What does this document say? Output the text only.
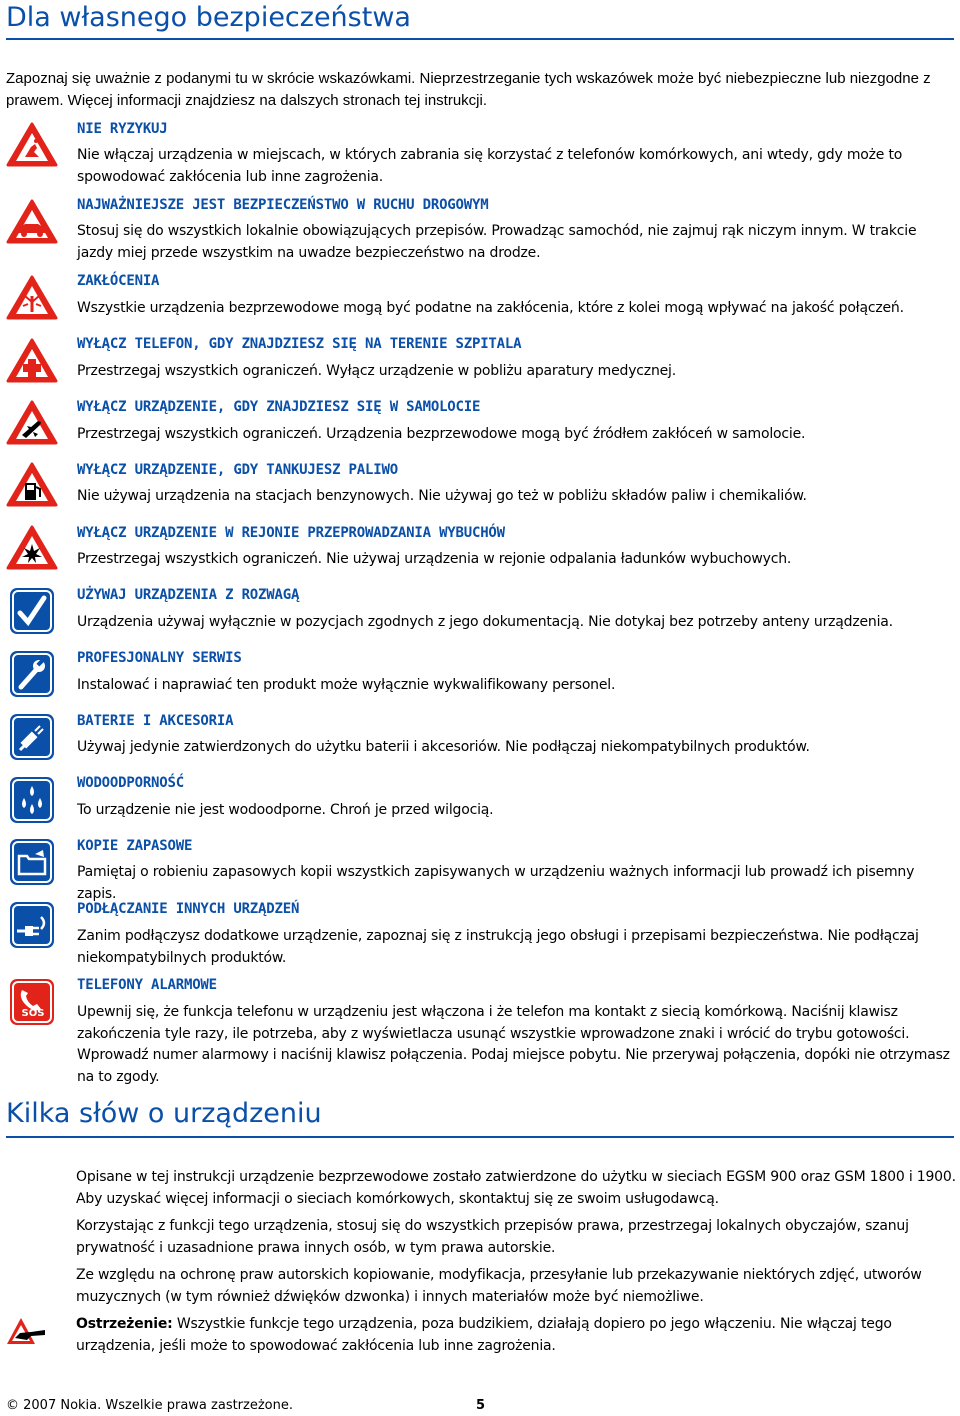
Dla własnego bezpieczeństwa

Zapoznaj się uważnie z podanymi tu w skrócie wskazówkami. Nieprzestrzeganie tych wskazówek może być niebezpieczne lub niezgodne z prawem. Więcej informacji znajdziesz na dalszych stronach tej instrukcji.

NIE RYZYKUJ

Nie włączaj urządzenia w miejscach, w których zabrania się korzystać z telefonów komórkowych, ani wtedy, gdy może to spowodować zakłócenia lub inne zagrożenia.

NAJWAŻNIEJSZE JEST BEZPIECZEŃSTWO W RUCHU DROGOWYM

Stosuj się do wszystkich lokalnie obowiązujących przepisów. Prowadząc samochód, nie zajmuj rąk niczym innym. W trakcie jazdy miej przede wszystkim na uwadze bezpieczeństwo na drodze.

ZAKŁÓCENIA

Wszystkie urządzenia bezprzewodowe mogą być podatne na zakłócenia, które z kolei mogą wpływać na jakość połączeń.

WYŁĄCZ TELEFON, GDY ZNAJDZIESZ SIĘ NA TERENIE SZPITALA

Przestrzegaj wszystkich ograniczeń. Wyłącz urządzenie w pobliżu aparatury medycznej.

WYŁĄCZ URZĄDZENIE, GDY ZNAJDZIESZ SIĘ W SAMOLOCIE

Przestrzegaj wszystkich ograniczeń. Urządzenia bezprzewodowe mogą być źródłem zakłóceń w samolocie.

WYŁĄCZ URZĄDZENIE, GDY TANKUJESZ PALIWO

Nie używaj urządzenia na stacjach benzynowych. Nie używaj go też w pobliżu składów paliw i chemikaliów.

WYŁĄCZ URZĄDZENIE W REJONIE PRZEPROWADZANIA WYBUCHÓW

Przestrzegaj wszystkich ograniczeń. Nie używaj urządzenia w rejonie odpalania ładunków wybuchowych.

UŻYWAJ URZĄDZENIA Z ROZWAGĄ

Urządzenia używaj wyłącznie w pozycjach zgodnych z jego dokumentacją. Nie dotykaj bez potrzeby anteny urządzenia.

PROFESJONALNY SERWIS

Instalować i naprawiać ten produkt może wyłącznie wykwalifikowany personel.

BATERIE I AKCESORIA

Używaj jedynie zatwierdzonych do użytku baterii i akcesoriów. Nie podłączaj niekompatybilnych produktów.

WODOODPORNOŚĆ

To urządzenie nie jest wodoodporne. Chroń je przed wilgocią.

KOPIE ZAPASOWE

Pamiętaj o robieniu zapasowych kopii wszystkich zapisywanych w urządzeniu ważnych informacji lub prowadź ich pisemny zapis.

PODŁĄCZANIE INNYCH URZĄDZEŃ

Zanim podłączysz dodatkowe urządzenie, zapoznaj się z instrukcją jego obsługi i przepisami bezpieczeństwa. Nie podłączaj niekompatybilnych produktów.

SOS
TELEFONY ALARMOWE

Upewnij się, że funkcja telefonu w urządzeniu jest włączona i że telefon ma kontakt z siecią komórkową. Naciśnij klawisz zakończenia tyle razy, ile potrzeba, aby z wyświetlacza usunąć wszystkie wprowadzone znaki i wrócić do trybu gotowości. Wprowadź numer alarmowy i naciśnij klawisz połączenia. Podaj miejsce pobytu. Nie przerywaj połączenia, dopóki nie otrzymasz na to zgody.

Kilka słów o urządzeniu

Opisane w tej instrukcji urządzenie bezprzewodowe zostało zatwierdzone do użytku w sieciach EGSM 900 oraz GSM 1800 i 1900. Aby uzyskać więcej informacji o sieciach komórkowych, skontaktuj się ze swoim usługodawcą.

Korzystając z funkcji tego urządzenia, stosuj się do wszystkich przepisów prawa, przestrzegaj lokalnych obyczajów, szanuj prywatność i uzasadnione prawa innych osób, w tym prawa autorskie.

Ze względu na ochronę praw autorskich kopiowanie, modyfikacja, przesyłanie lub przekazywanie niektórych zdjęć, utworów muzycznych (w tym również dźwięków dzwonka) i innych materiałów może być niemożliwe.

Ostrzeżenie: Wszystkie funkcje tego urządzenia, poza budzikiem, działają dopiero po jego włączeniu. Nie włączaj tego urządzenia, jeśli może to spowodować zakłócenia lub inne zagrożenia.

© 2007 Nokia. Wszelkie prawa zastrzeżone.	5
